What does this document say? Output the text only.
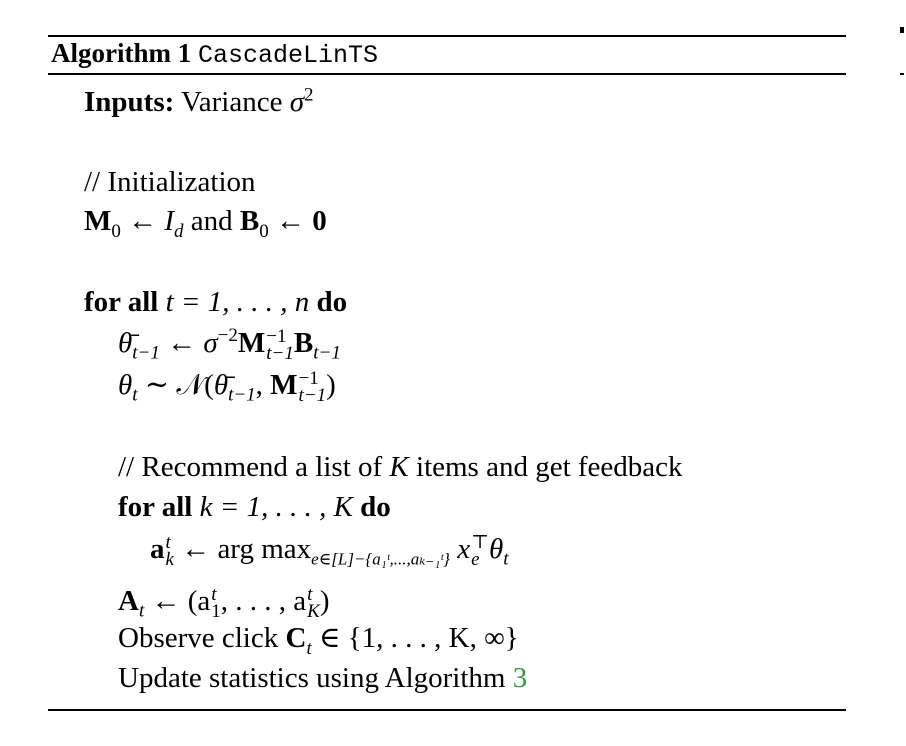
Algorithm 1 CascadeLinTS
Inputs: Variance $\sigma^2$
// Initialization
$M_0$ ← $I_d$ and $B_0$ ← 0
for all t = 1, . . . , n do
$\thetā_{t-1}$ ← $\sigma^{-2}M -1$
t−1 $B_{t-1}$
$\theta_t$ ∼ $𝒩(\thetā_{t-1}$, M −1
t−1 )
// Recommend a list of K items and get feedback
for all k = 1, . . . , K do
a t
k ← arg $\max_{e\in[L]-\{a_1ᵗ,...,a_{k-1}ᵗ\}} x$ ⊤
e $\theta_t$
$A_t$ ← (a t
1 , . . . , a t
K )
Observe click $C_t$ ∈ {1, . . . , K, ∞}
Update statistics using Algorithm 3
